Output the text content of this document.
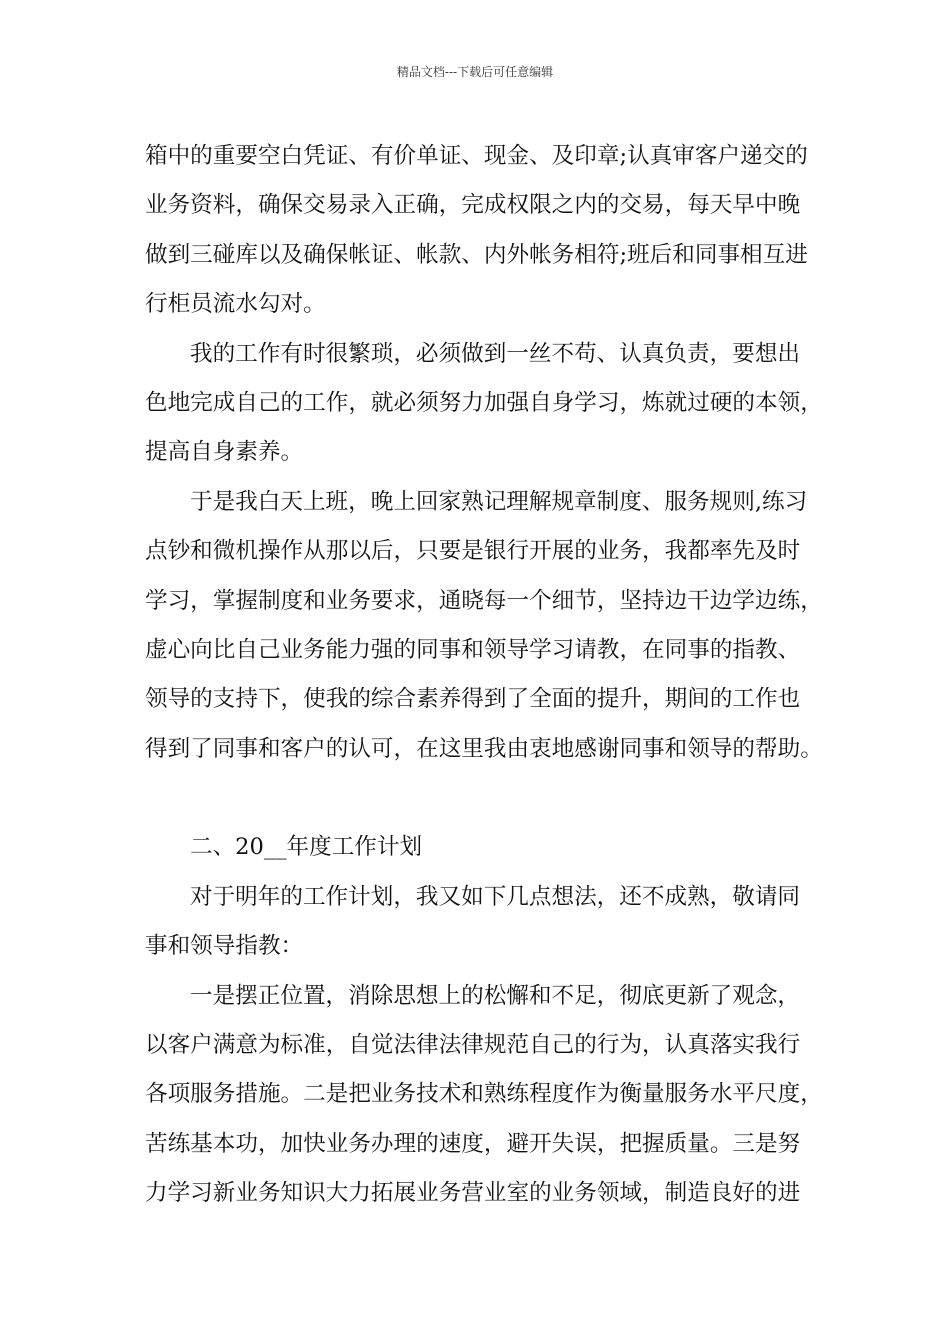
精品文档---下载后可任意编辑
箱中的重要空白凭证、有价单证、现金、及印章;认真审客户递交的
业务资料，确保交易录入正确，完成权限之内的交易，每天早中晚
做到三碰库以及确保帐证、帐款、内外帐务相符;班后和同事相互进
行柜员流水勾对。
我的工作有时很繁琐，必须做到一丝不苟、认真负责，要想出
色地完成自己的工作，就必须努力加强自身学习，炼就过硬的本领，
提高自身素养。
于是我白天上班，晚上回家熟记理解规章制度、服务规则,练习
点钞和微机操作从那以后，只要是银行开展的业务，我都率先及时
学习，掌握制度和业务要求，通晓每一个细节，坚持边干边学边练，
虚心向比自己业务能力强的同事和领导学习请教，在同事的指教、
领导的支持下，使我的综合素养得到了全面的提升，期间的工作也
得到了同事和客户的认可，在这里我由衷地感谢同事和领导的帮助。
二、20__年度工作计划
对于明年的工作计划，我又如下几点想法，还不成熟，敬请同
事和领导指教：
一是摆正位置，消除思想上的松懈和不足，彻底更新了观念，
以客户满意为标准，自觉法律法律规范自己的行为，认真落实我行
各项服务措施。二是把业务技术和熟练程度作为衡量服务水平尺度，
苦练基本功，加快业务办理的速度，避开失误，把握质量。三是努
力学习新业务知识大力拓展业务营业室的业务领域，制造良好的进
